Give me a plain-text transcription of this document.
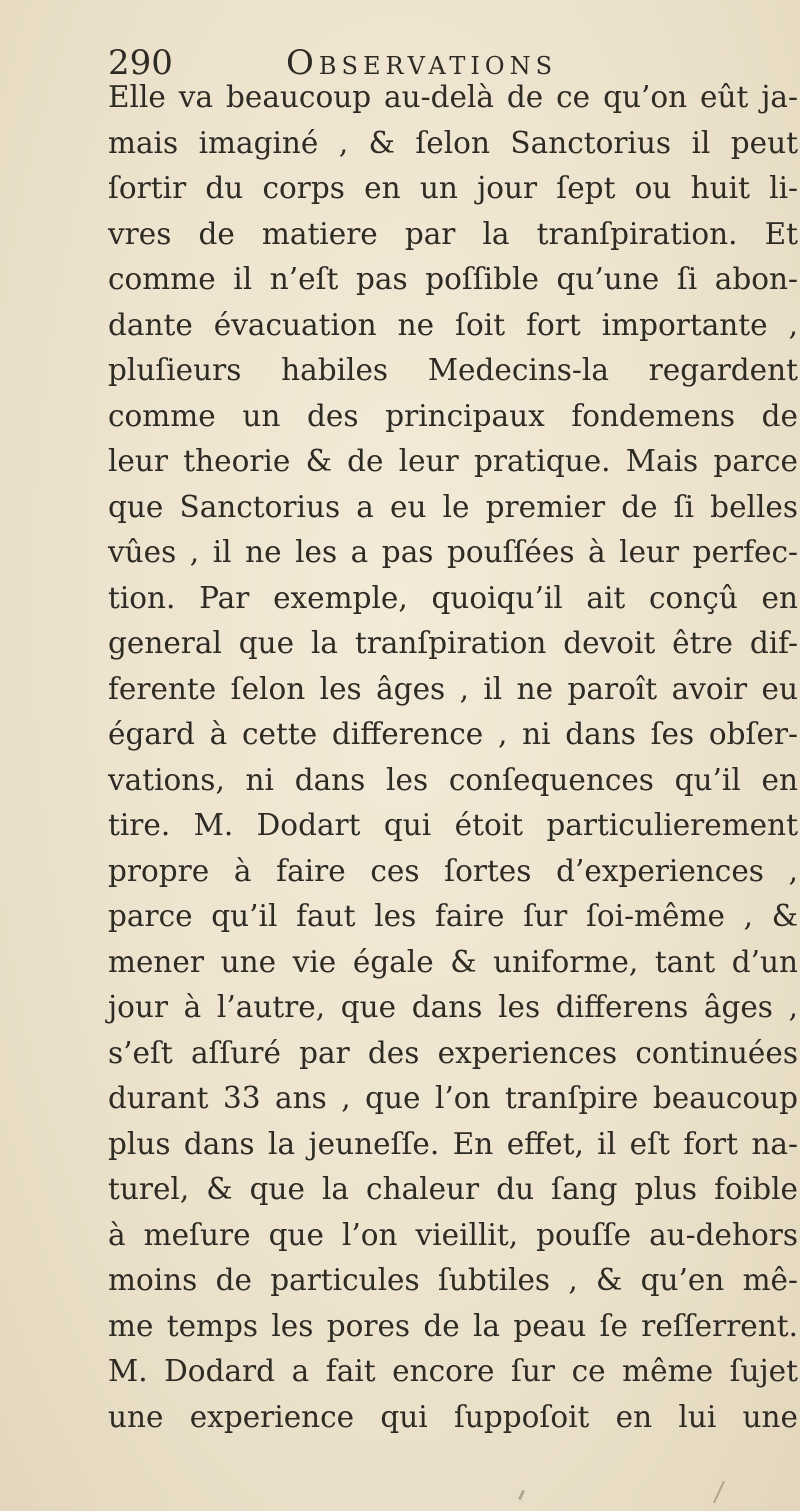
290	Observations
Elle va beaucoup au-delà de ce qu’on eût ja-
mais imaginé , & ſelon Sanctorius il peut
ſortir du corps en un jour ſept ou huit li-
vres de matiere par la tranſpiration. Et
comme il n’eſt pas poſſible qu’une ſi abon-
dante évacuation ne ſoit fort importante ,
pluſieurs habiles Medecins-la regardent
comme un des principaux fondemens de
leur theorie & de leur pratique. Mais parce
que Sanctorius a eu le premier de ſi belles
vûes , il ne les a pas pouſſées à leur perfec-
tion. Par exemple, quoiqu’il ait conçû en
general que la tranſpiration devoit être dif-
ferente ſelon les âges , il ne paroît avoir eu
égard à cette difference , ni dans ſes obſer-
vations, ni dans les conſequences qu’il en
tire. M. Dodart qui étoit particulierement
propre à faire ces ſortes d’experiences ,
parce qu’il faut les faire ſur ſoi-même , &
mener une vie égale & uniforme, tant d’un
jour à l’autre, que dans les differens âges ,
s’eſt aſſuré par des experiences continuées
durant 33 ans , que l’on tranſpire beaucoup
plus dans la jeuneſſe. En effet, il eſt fort na-
turel, & que la chaleur du ſang plus foible
à meſure que l’on vieillit, pouſſe au-dehors
moins de particules ſubtiles , & qu’en mê-
me temps les pores de la peau ſe reſſerrent.
M. Dodard a fait encore ſur ce même ſujet
une experience qui ſuppoſoit en lui une
